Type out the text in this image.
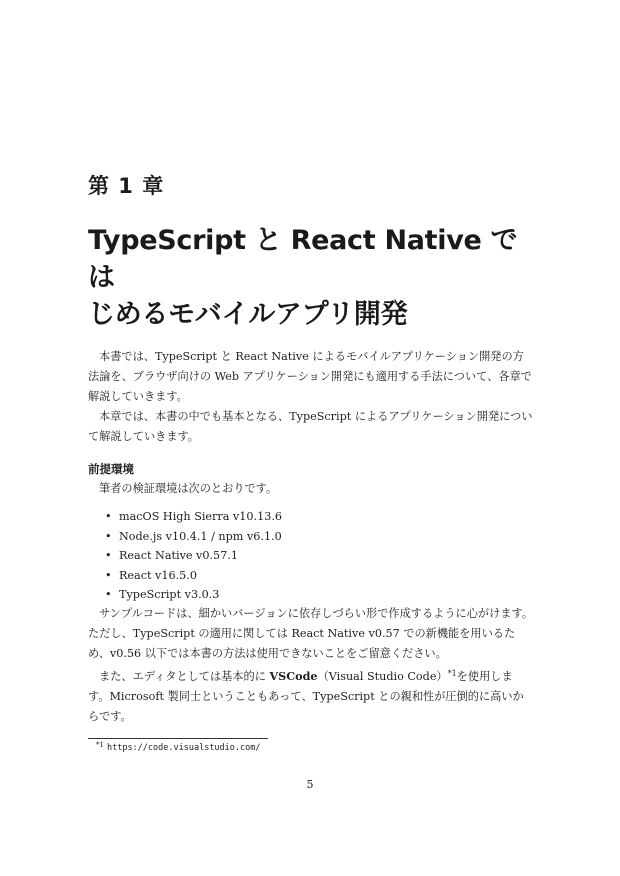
第 1 章
TypeScript と React Native では
じめるモバイルアプリ開発

本書では、TypeScript と React Native によるモバイルアプリケーション開発の方法論を、ブラウザ向けの Web アプリケーション開発にも適用する手法について、各章で解説していきます。

本章では、本書の中でも基本となる、TypeScript によるアプリケーション開発について解説していきます。

前提環境

筆者の検証環境は次のとおりです。

• macOS High Sierra v10.13.6
• Node.js v10.4.1 / npm v6.1.0
• React Native v0.57.1
• React v16.5.0
• TypeScript v3.0.3

サンプルコードは、細かいバージョンに依存しづらい形で作成するように心がけます。ただし、TypeScript の適用に関しては React Native v0.57 での新機能を用いるため、v0.56 以下では本書の方法は使用できないことをご留意ください。

また、エディタとしては基本的に VSCode（Visual Studio Code）$^{*1}$を使用します。Microsoft 製同士ということもあって、TypeScript との親和性が圧倒的に高いからです。

$^{*1}$ https://code.visualstudio.com/
5
